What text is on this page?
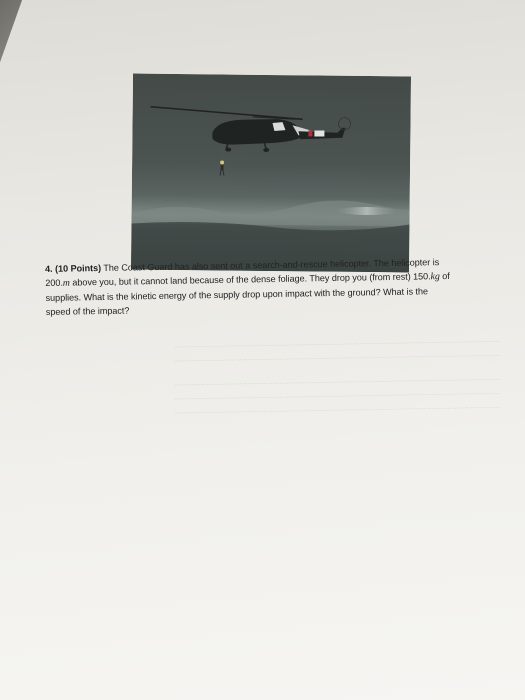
~~~~~~~~~~~~~~~~~~~~~~~~~~~~~~~~~~~~~~~~~~~~~~~~~~~~~~~~~~~~~~
~~~~~~~~~~~~~~~~~~~~~~~~~~~~~~~~~~~~~~~~~~~~~~~~~~~~~~~~~~~~~~
~~~~~~~~~~~~~~~~~~~~~~~~~~~~~~~~~~~~~~~~~~~~~~~~~~~~~~~~~~~~~~
~~~~~~~~~~~~~~~~~~~~~~~~~~~~~~~~~~~~~~~~~~~~~~~~~~~~~~~~~~~~~~
~~~~~~~~~~~~~~~~~~~~~~~~~~~~~~~~~~~~~~~~~~~~~~~~~~~~~~~~~~~~~~
4. (10 Points) The Coast Guard has also sent out a search-and-rescue helicopter. The helicopter is
200.m above you, but it cannot land because of the dense foliage. They drop you (from rest) 150.kg of
supplies. What is the kinetic energy of the supply drop upon impact with the ground? What is the
speed of the impact?
